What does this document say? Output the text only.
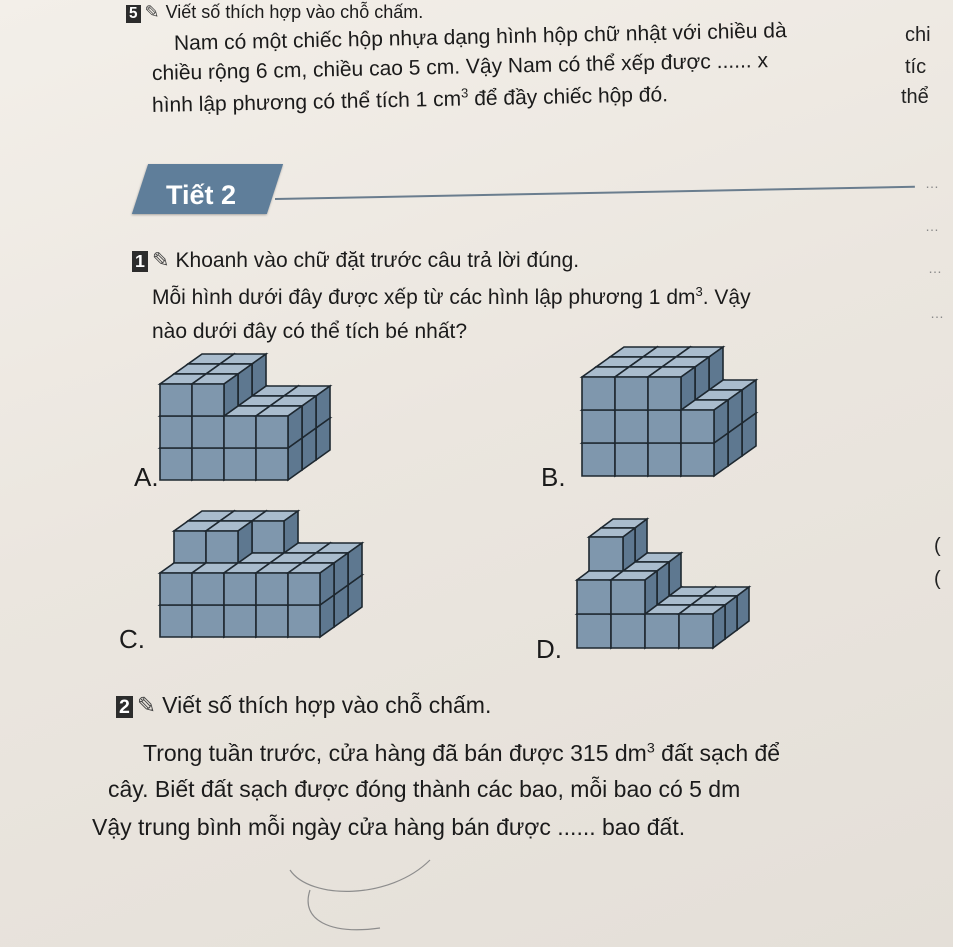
5 ✎ Viết số thích hợp vào chỗ chấm.
Nam có một chiếc hộp nhựa dạng hình hộp chữ nhật với chiều dà
chiều rộng 6 cm, chiều cao 5 cm. Vậy Nam có thể xếp được ...... x
hình lập phương có thể tích 1 $cm^3$ để đầy chiếc hộp đó.
chi
tíc
thể
(
(
…
…
…
…
Tiết 2
1 ✎ Khoanh vào chữ đặt trước câu trả lời đúng.
Mỗi hình dưới đây được xếp từ các hình lập phương 1 $dm^3$. Vậy
nào dưới đây có thể tích bé nhất?
A.	B.
C.	D.
2 ✎ Viết số thích hợp vào chỗ chấm.
Trong tuần trước, cửa hàng đã bán được 315 $dm^3$ đất sạch để
cây. Biết đất sạch được đóng thành các bao, mỗi bao có 5 dm
Vậy trung bình mỗi ngày cửa hàng bán được ...... bao đất.
